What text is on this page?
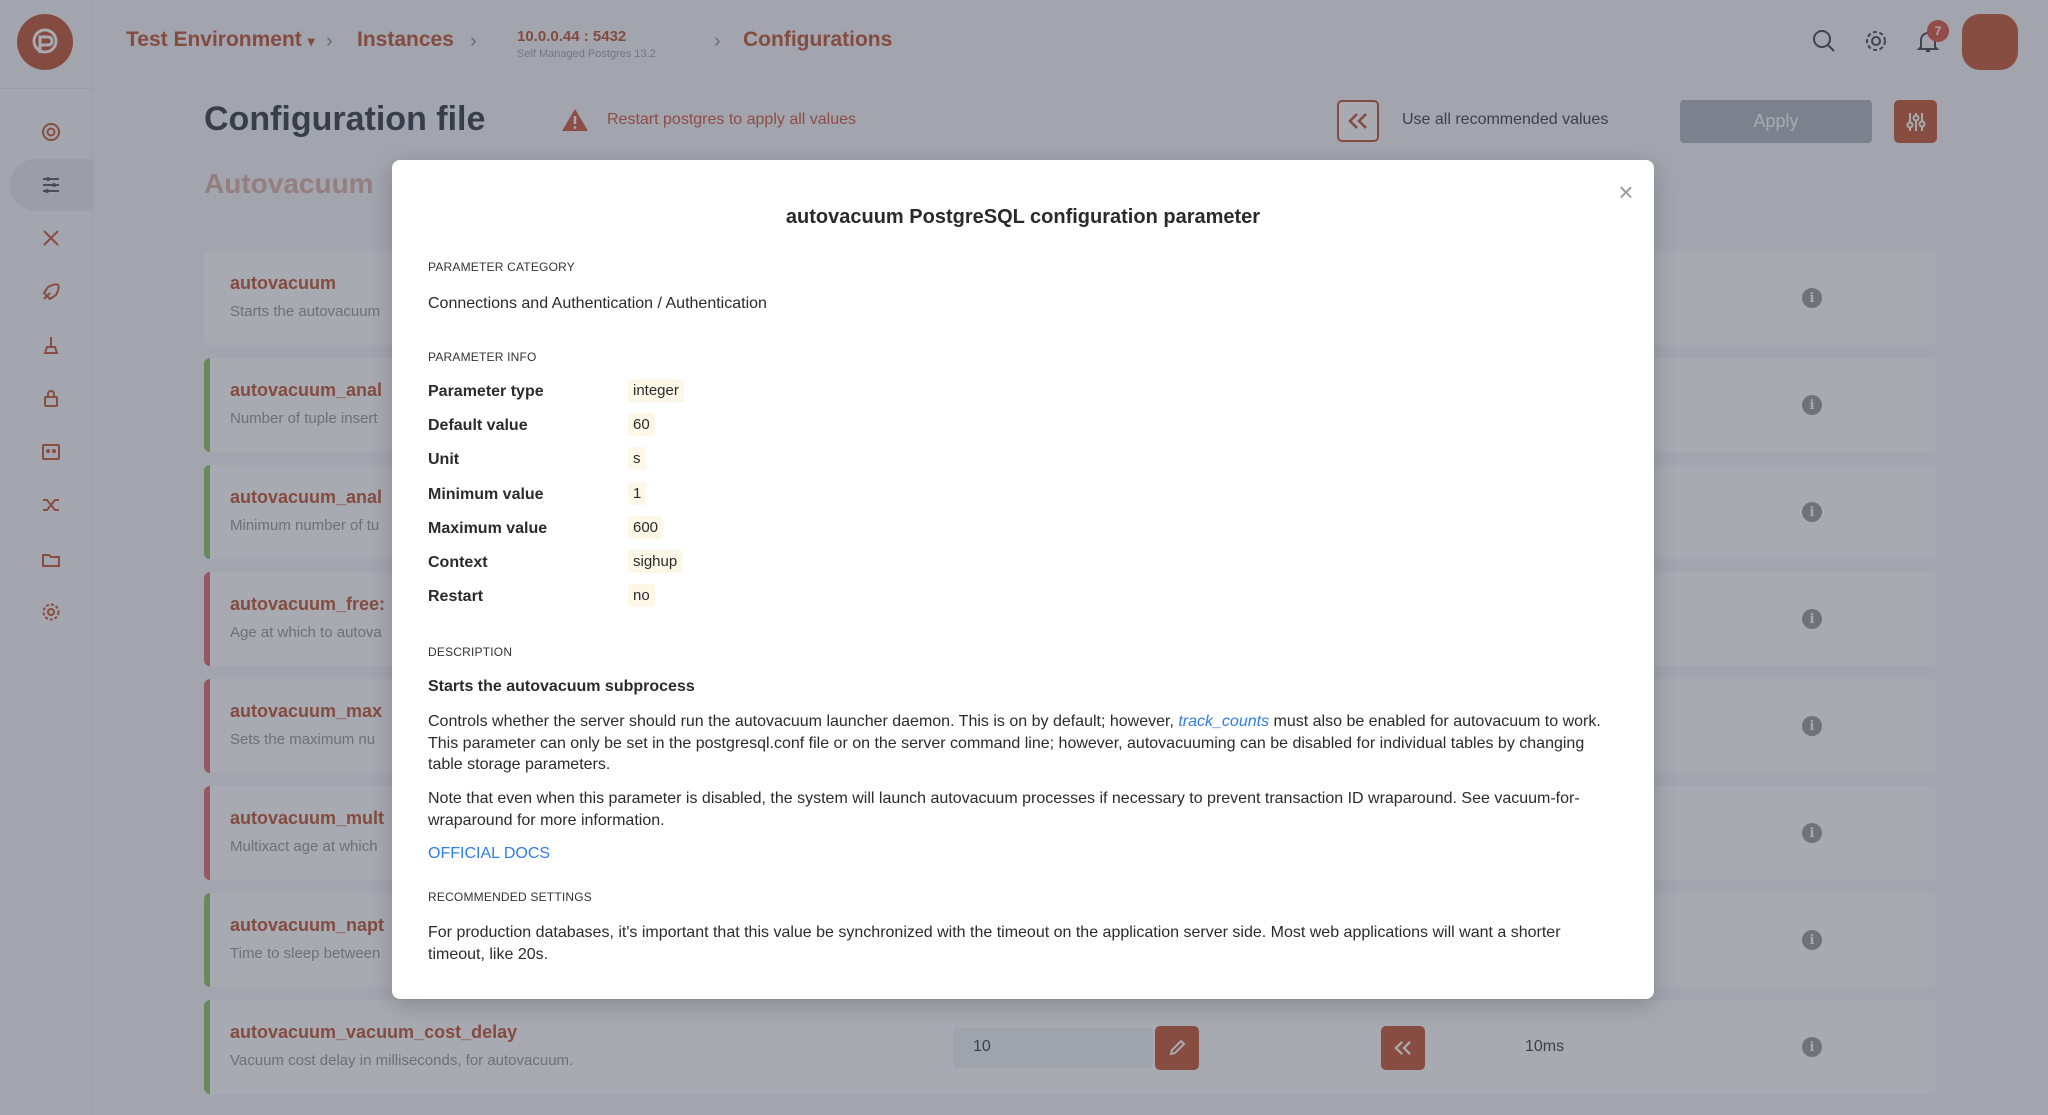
×
autovacuum PostgreSQL configuration parameter
PARAMETER CATEGORY
Connections and Authentication / Authentication
PARAMETER INFO
Parameter type	integer
Default value	60
Unit	s
Minimum value	1
Maximum value	600
Context	sighup
Restart	no
DESCRIPTION
Starts the autovacuum subprocess
Controls whether the server should run the autovacuum launcher daemon. This is on by default; however, track_counts must also be enabled for autovacuum to work. This parameter can only be set in the postgresql.conf file or on the server command line; however, autovacuuming can be disabled for individual tables by changing table storage parameters.
Note that even when this parameter is disabled, the system will launch autovacuum processes if necessary to prevent transaction ID wraparound. See vacuum-for-wraparound for more information.
OFFICIAL DOCS
RECOMMENDED SETTINGS
For production databases, it's important that this value be synchronized with the timeout on the application server side. Most web applications will want a shorter timeout, like 20s.
